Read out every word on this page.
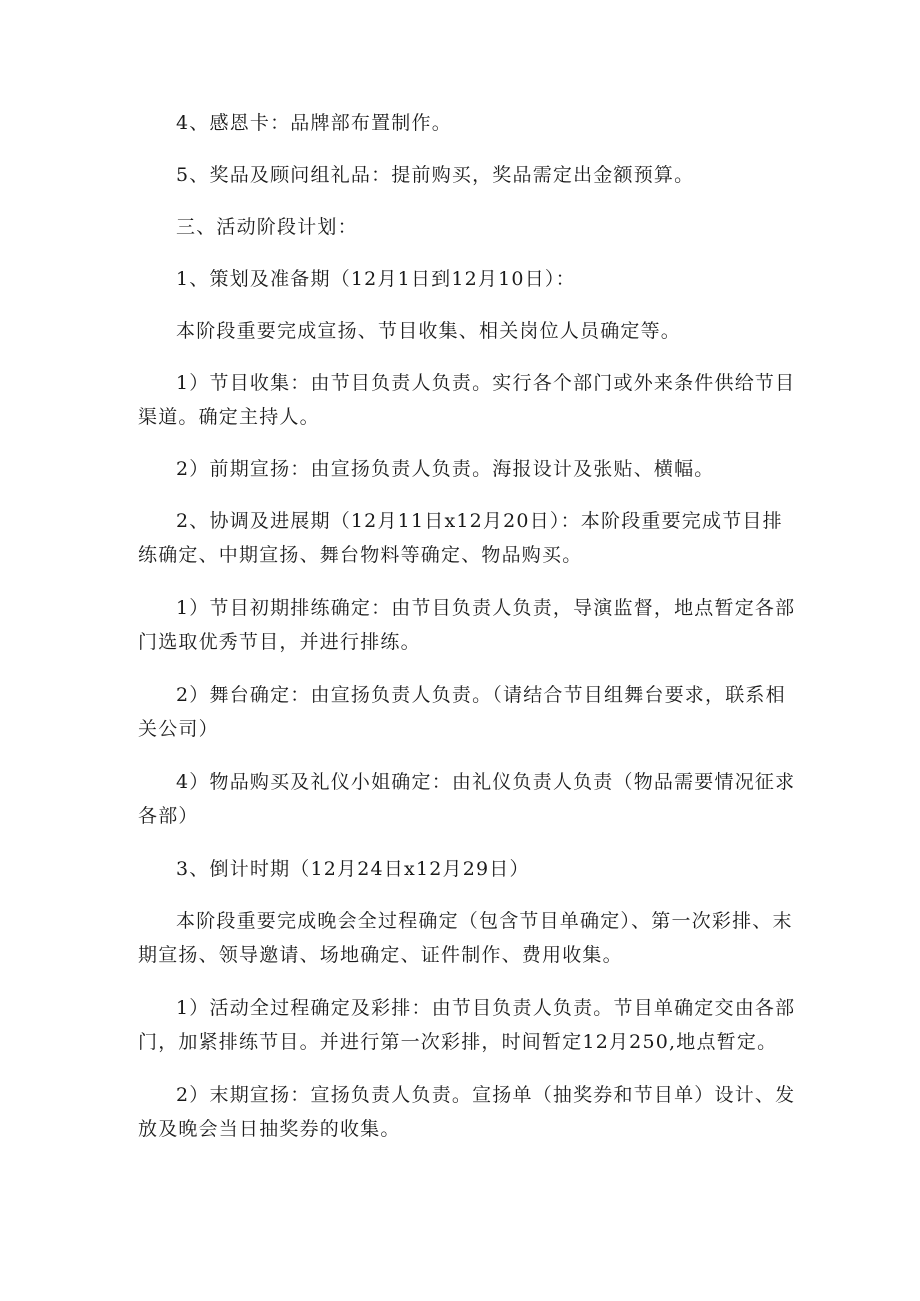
4、感恩卡：品牌部布置制作。

5、奖品及顾问组礼品：提前购买，奖品需定出金额预算。

三、活动阶段计划：

1、策划及准备期（12月1日到12月10日）：

本阶段重要完成宣扬、节目收集、相关岗位人员确定等。

1）节目收集：由节目负责人负责。实行各个部门或外来条件供给节目渠道。确定主持人。

2）前期宣扬：由宣扬负责人负责。海报设计及张贴、横幅。

2、协调及进展期（12月11日x12月20日）：本阶段重要完成节目排练确定、中期宣扬、舞台物料等确定、物品购买。

1）节目初期排练确定：由节目负责人负责，导演监督，地点暂定各部门选取优秀节目，并进行排练。

2）舞台确定：由宣扬负责人负责。（请结合节目组舞台要求，联系相关公司）

4）物品购买及礼仪小姐确定：由礼仪负责人负责（物品需要情况征求各部）

3、倒计时期（12月24日x12月29日）

本阶段重要完成晚会全过程确定（包含节目单确定）、第一次彩排、末期宣扬、领导邀请、场地确定、证件制作、费用收集。

1）活动全过程确定及彩排：由节目负责人负责。节目单确定交由各部门，加紧排练节目。并进行第一次彩排，时间暂定12月250,地点暂定。

2）末期宣扬：宣扬负责人负责。宣扬单（抽奖券和节目单）设计、发放及晚会当日抽奖券的收集。
